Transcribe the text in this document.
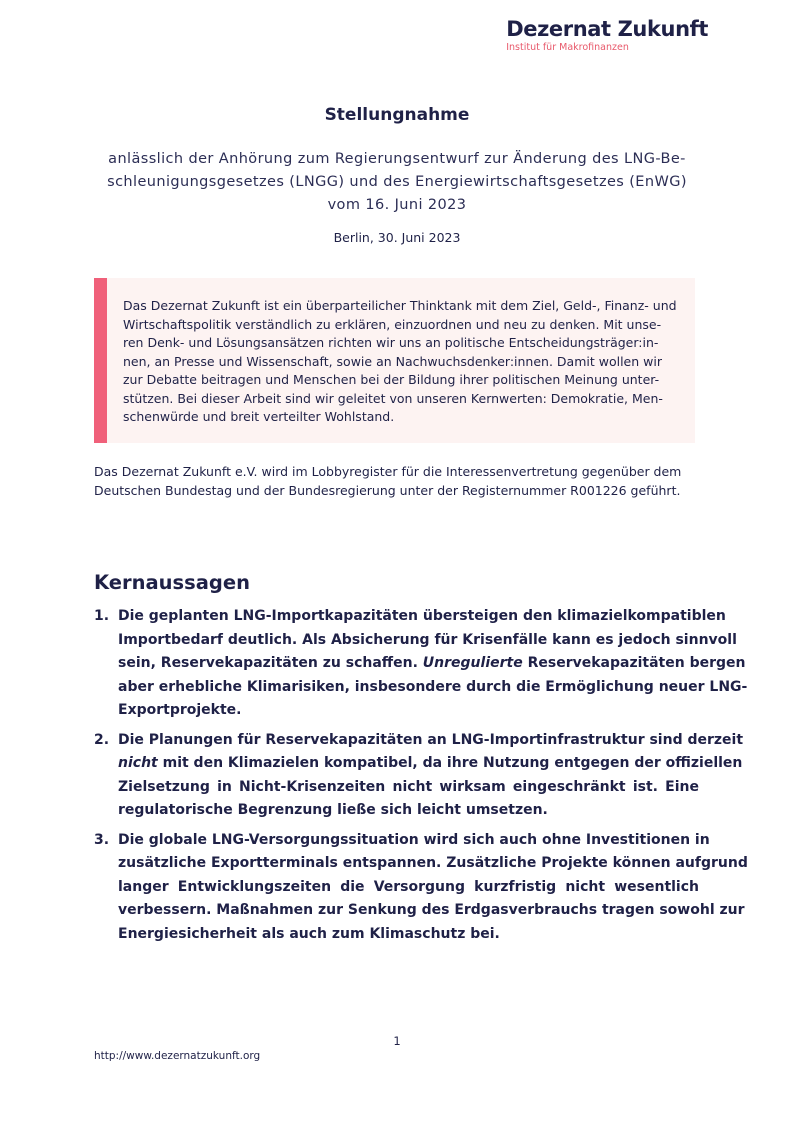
Dezernat Zukunft
Institut für Makrofinanzen
Stellungnahme
anlässlich der Anhörung zum Regierungsentwurf zur Änderung des LNG-Be-
schleunigungsgesetzes (LNGG) und des Energiewirtschaftsgesetzes (EnWG)
vom 16. Juni 2023
Berlin, 30. Juni 2023
Das Dezernat Zukunft ist ein überparteilicher Thinktank mit dem Ziel, Geld-, Finanz- und
Wirtschaftspolitik verständlich zu erklären, einzuordnen und neu zu denken. Mit unse-
ren Denk- und Lösungsansätzen richten wir uns an politische Entscheidungsträger:in-
nen, an Presse und Wissenschaft, sowie an Nachwuchsdenker:innen. Damit wollen wir
zur Debatte beitragen und Menschen bei der Bildung ihrer politischen Meinung unter-
stützen. Bei dieser Arbeit sind wir geleitet von unseren Kernwerten: Demokratie, Men-
schenwürde und breit verteilter Wohlstand.
Das Dezernat Zukunft e.V. wird im Lobbyregister für die Interessenvertretung gegenüber dem
Deutschen Bundestag und der Bundesregierung unter der Registernummer R001226 geführt.
Kernaussagen
1. Die geplanten LNG-Importkapazitäten übersteigen den klimazielkompatiblen
Importbedarf deutlich. Als Absicherung für Krisenfälle kann es jedoch sinnvoll
sein, Reservekapazitäten zu schaffen. Unregulierte Reservekapazitäten bergen
aber erhebliche Klimarisiken, insbesondere durch die Ermöglichung neuer LNG-
Exportprojekte.
2. Die Planungen für Reservekapazitäten an LNG-Importinfrastruktur sind derzeit
nicht mit den Klimazielen kompatibel, da ihre Nutzung entgegen der offiziellen
Zielsetzung in Nicht-Krisenzeiten nicht wirksam eingeschränkt ist. Eine
regulatorische Begrenzung ließe sich leicht umsetzen.
3. Die globale LNG-Versorgungssituation wird sich auch ohne Investitionen in
zusätzliche Exportterminals entspannen. Zusätzliche Projekte können aufgrund
langer Entwicklungszeiten die Versorgung kurzfristig nicht wesentlich
verbessern. Maßnahmen zur Senkung des Erdgasverbrauchs tragen sowohl zur
Energiesicherheit als auch zum Klimaschutz bei.
1
http://www.dezernatzukunft.org
